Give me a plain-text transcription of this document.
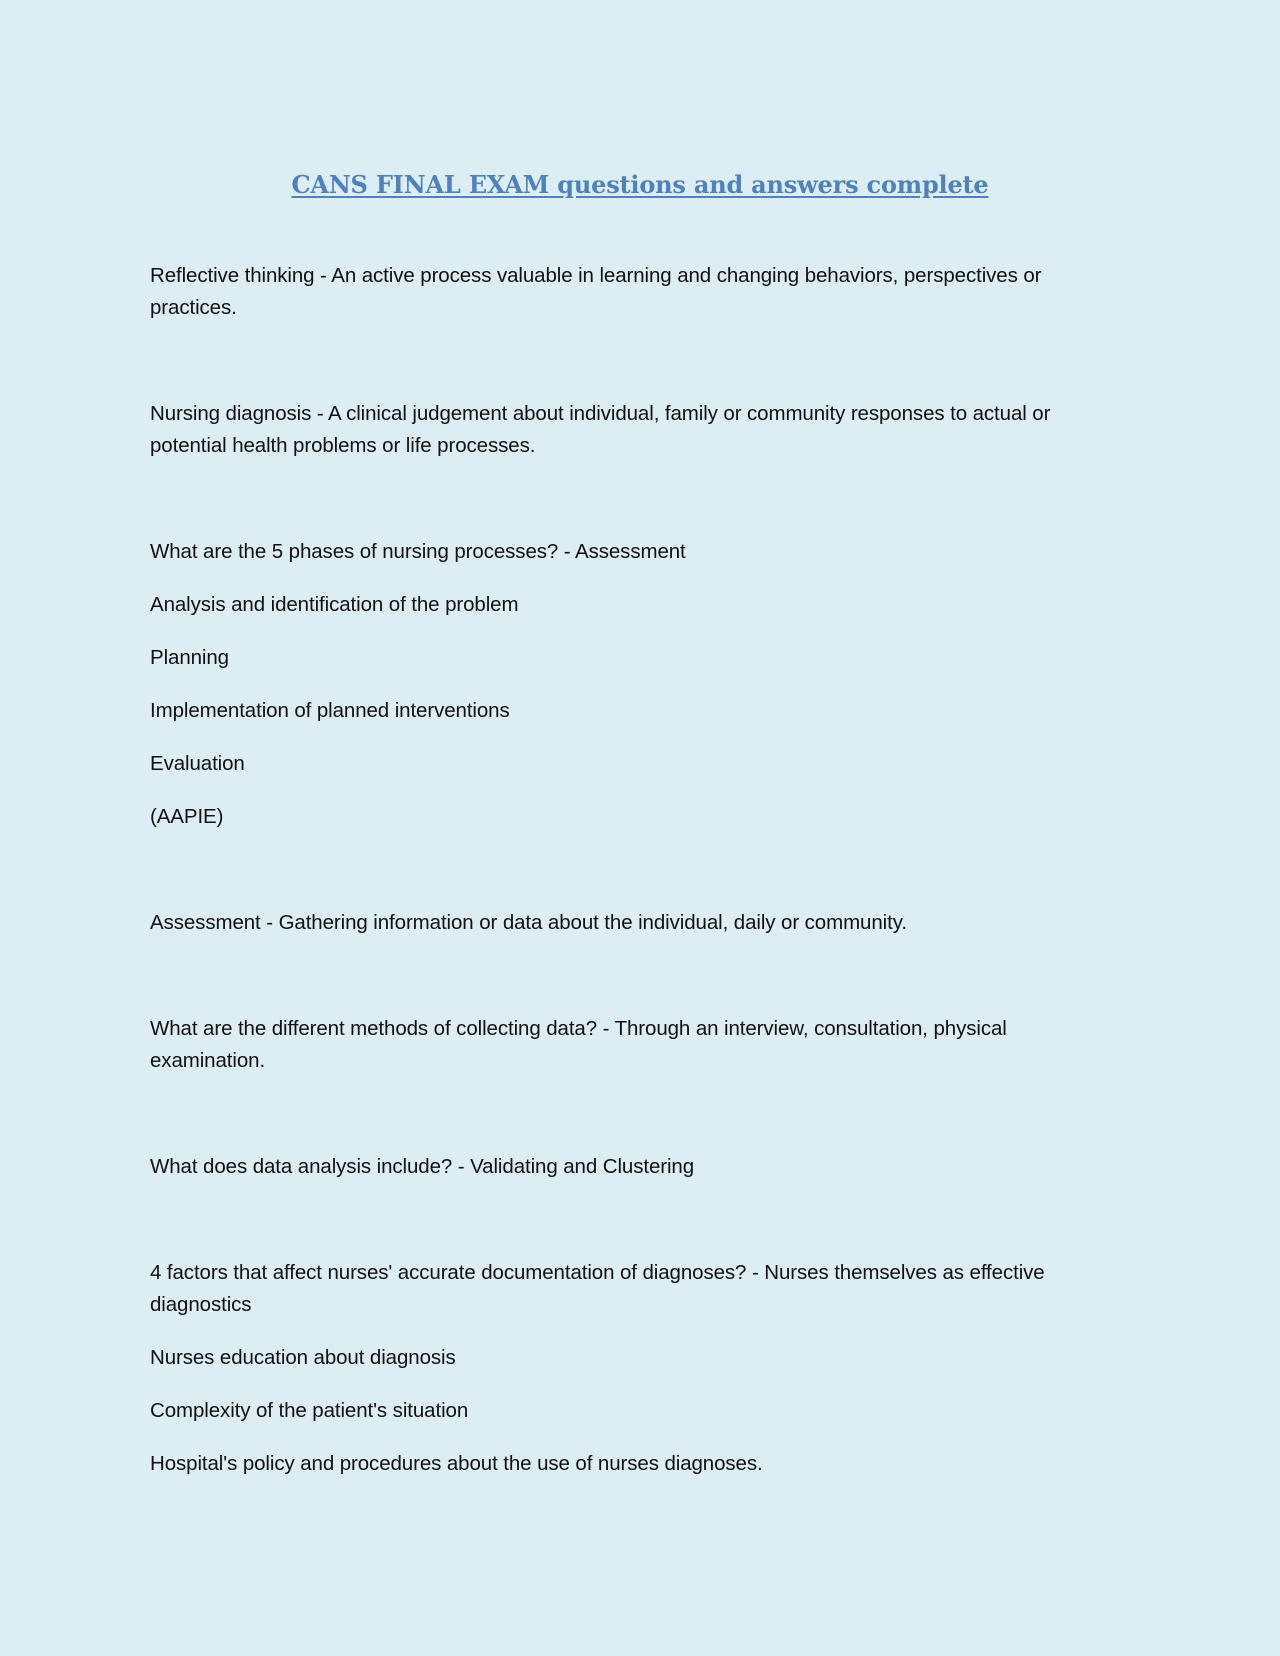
CANS FINAL EXAM questions and answers complete

Reflective thinking - An active process valuable in learning and changing behaviors, perspectives or practices.

Nursing diagnosis - A clinical judgement about individual, family or community responses to actual or potential health problems or life processes.

What are the 5 phases of nursing processes? - Assessment

Analysis and identification of the problem

Planning

Implementation of planned interventions

Evaluation

(AAPIE)

Assessment - Gathering information or data about the individual, daily or community.

What are the different methods of collecting data? - Through an interview, consultation, physical examination.

What does data analysis include? - Validating and Clustering

4 factors that affect nurses' accurate documentation of diagnoses? - Nurses themselves as effective diagnostics

Nurses education about diagnosis

Complexity of the patient's situation

Hospital's policy and procedures about the use of nurses diagnoses.
